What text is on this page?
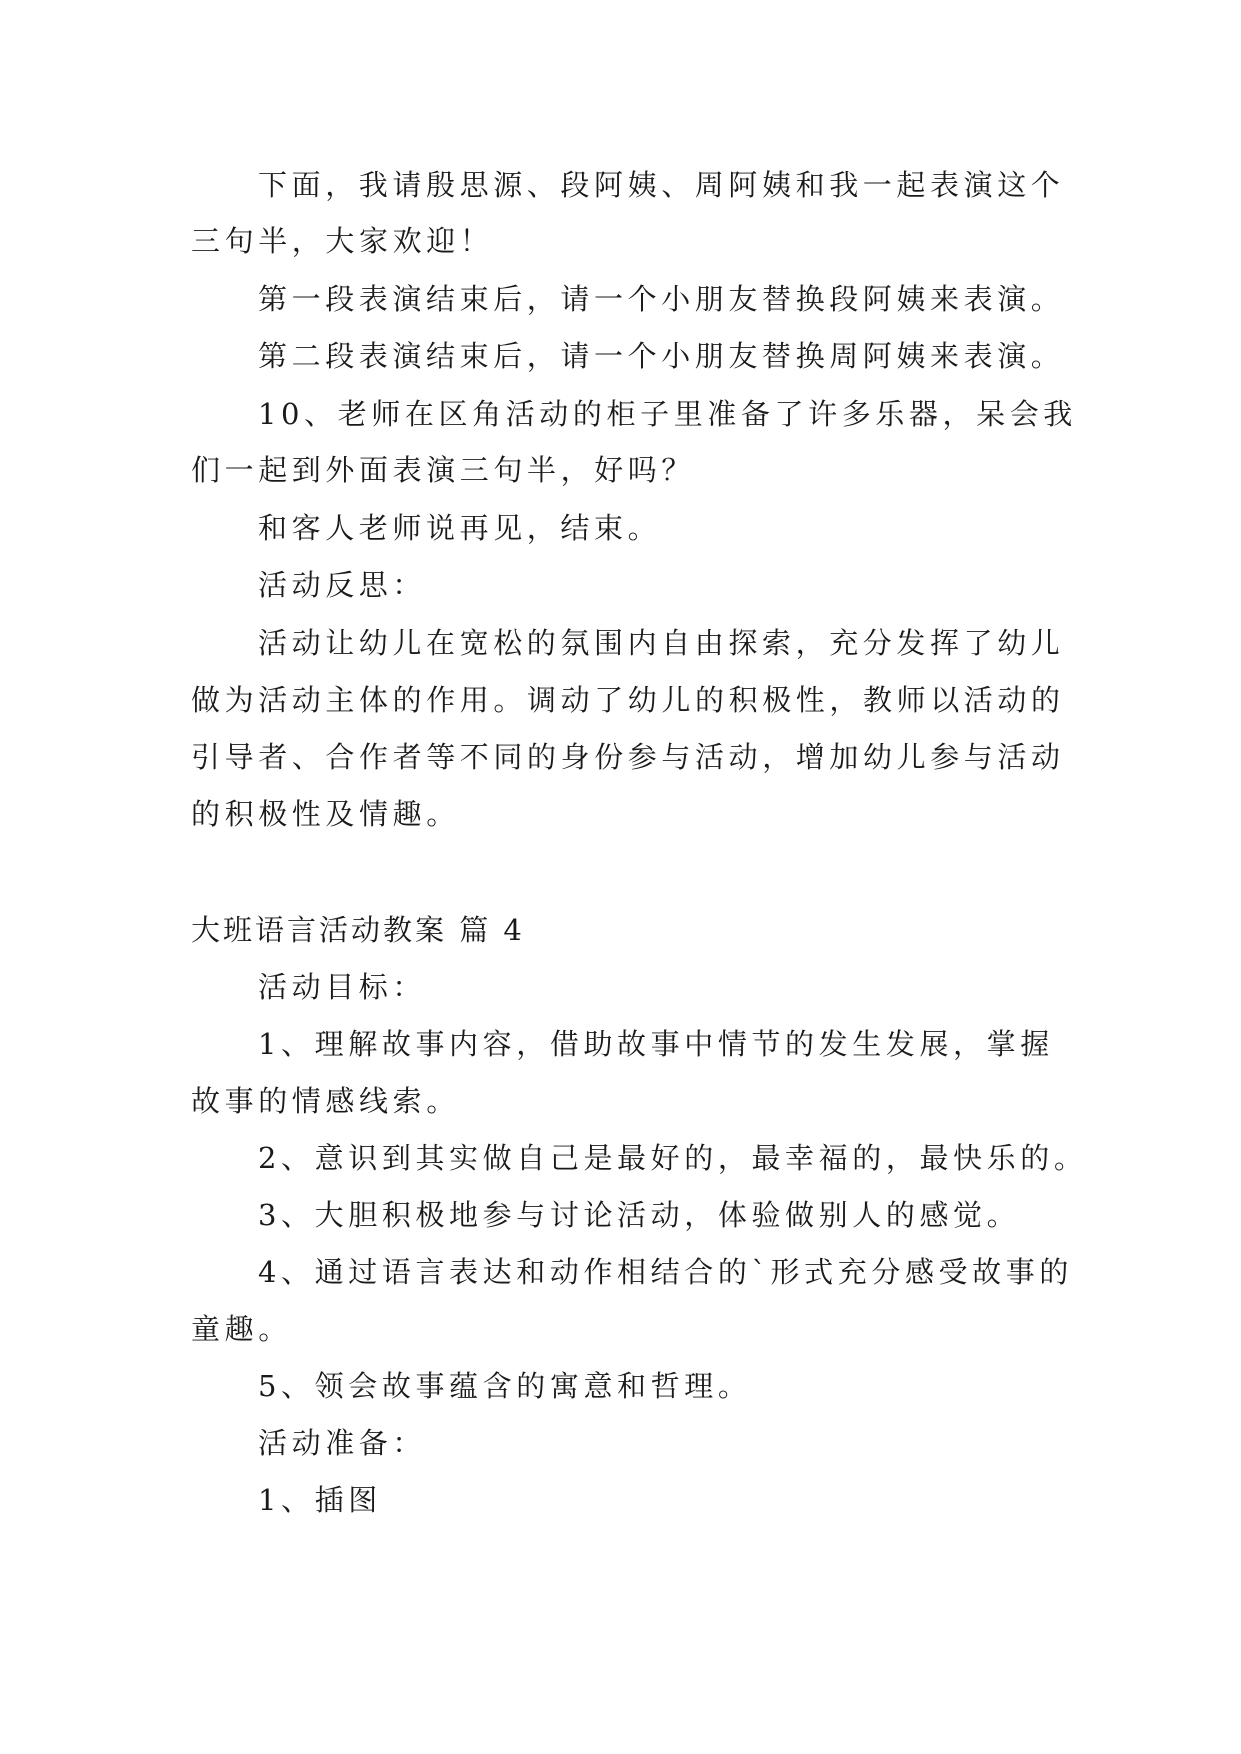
下面，我请殷思源、段阿姨、周阿姨和我一起表演这个

三句半，大家欢迎！

第一段表演结束后，请一个小朋友替换段阿姨来表演。

第二段表演结束后，请一个小朋友替换周阿姨来表演。

10、老师在区角活动的柜子里准备了许多乐器，呆会我

们一起到外面表演三句半，好吗？

和客人老师说再见，结束。

活动反思：

活动让幼儿在宽松的氛围内自由探索，充分发挥了幼儿

做为活动主体的作用。调动了幼儿的积极性，教师以活动的

引导者、合作者等不同的身份参与活动，增加幼儿参与活动

的积极性及情趣。

大班语言活动教案 篇 4

活动目标：

1、理解故事内容，借助故事中情节的发生发展，掌握

故事的情感线索。

2、意识到其实做自己是最好的，最幸福的，最快乐的。

3、大胆积极地参与讨论活动，体验做别人的感觉。

4、通过语言表达和动作相结合的`形式充分感受故事的

童趣。

5、领会故事蕴含的寓意和哲理。

活动准备：

1、插图
